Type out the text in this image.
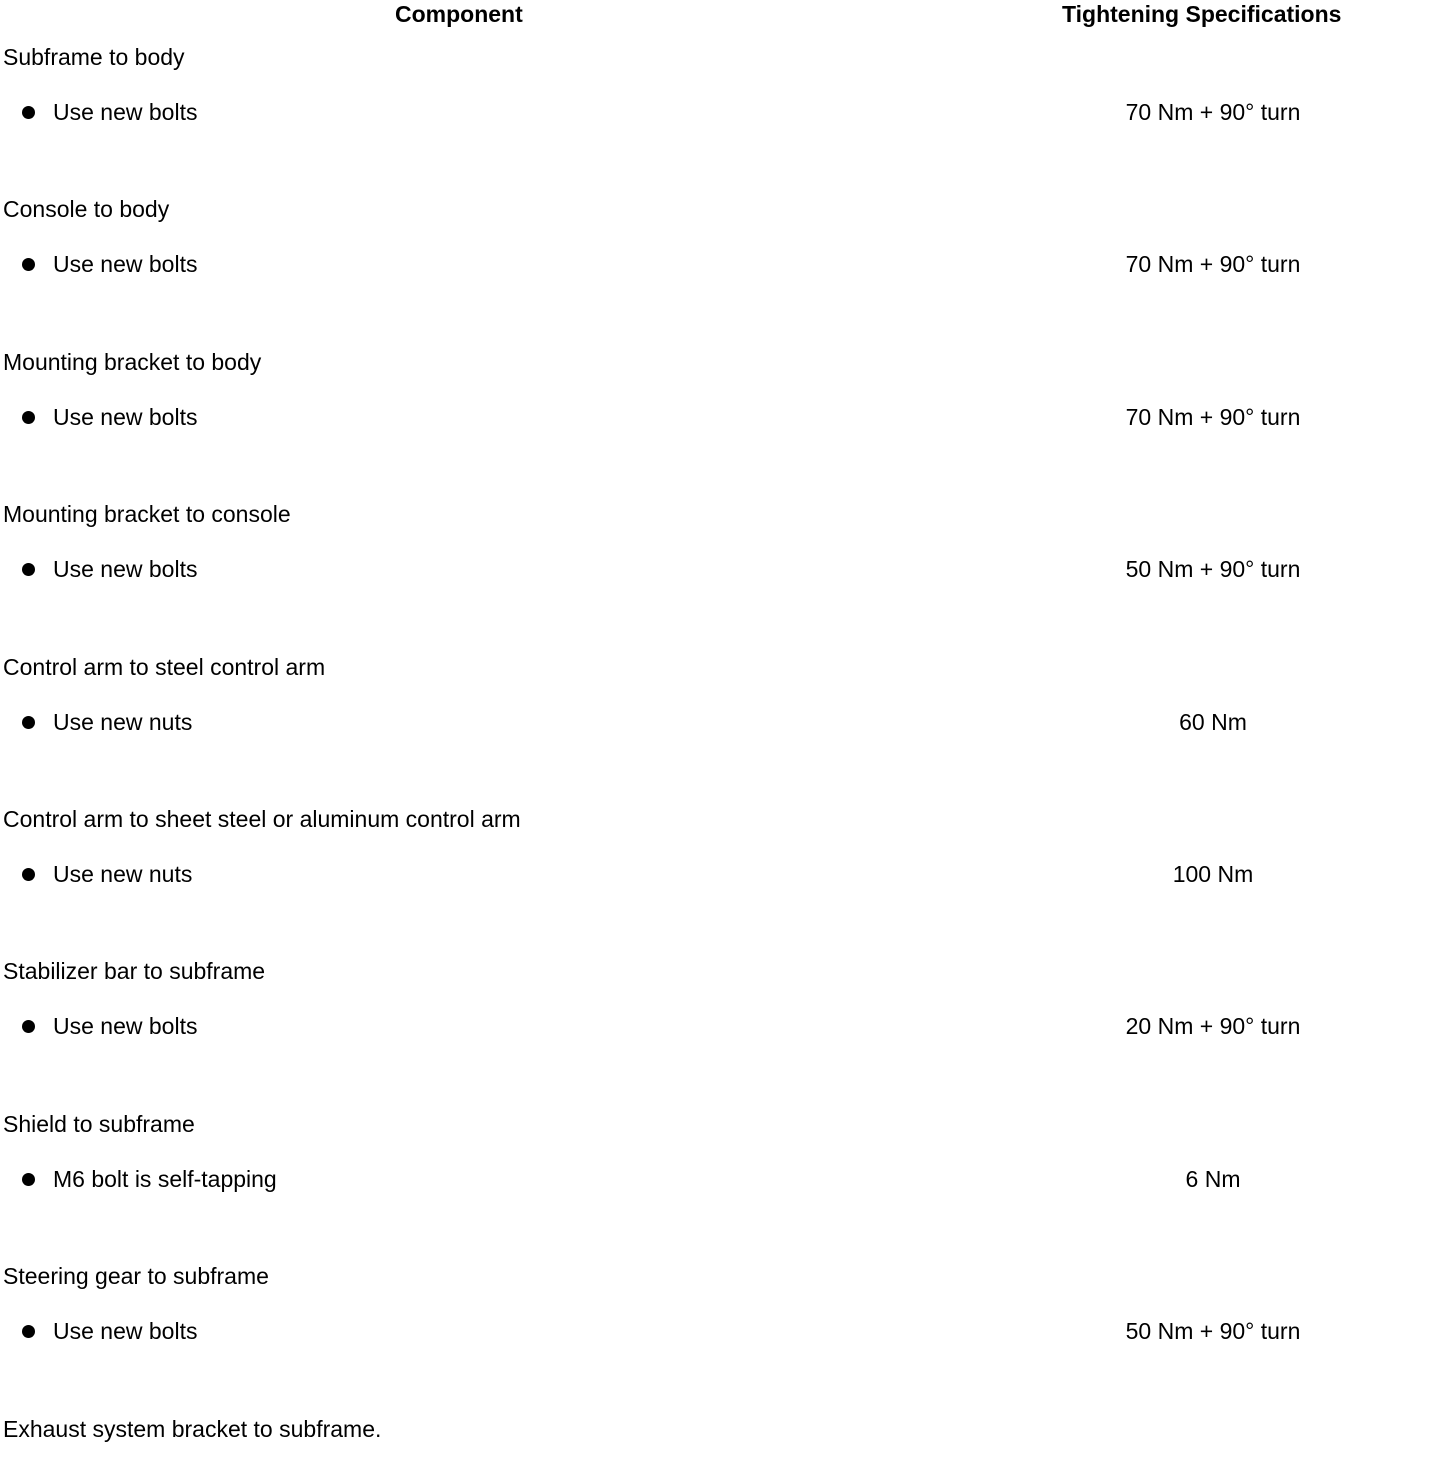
Component	Tightening Specifications
Subframe to body
Use new bolts	70 Nm + 90° turn
Console to body
Use new bolts	70 Nm + 90° turn
Mounting bracket to body
Use new bolts	70 Nm + 90° turn
Mounting bracket to console
Use new bolts	50 Nm + 90° turn
Control arm to steel control arm
Use new nuts	60 Nm
Control arm to sheet steel or aluminum control arm
Use new nuts	100 Nm
Stabilizer bar to subframe
Use new bolts	20 Nm + 90° turn
Shield to subframe
M6 bolt is self-tapping	6 Nm
Steering gear to subframe
Use new bolts	50 Nm + 90° turn
Exhaust system bracket to subframe.
